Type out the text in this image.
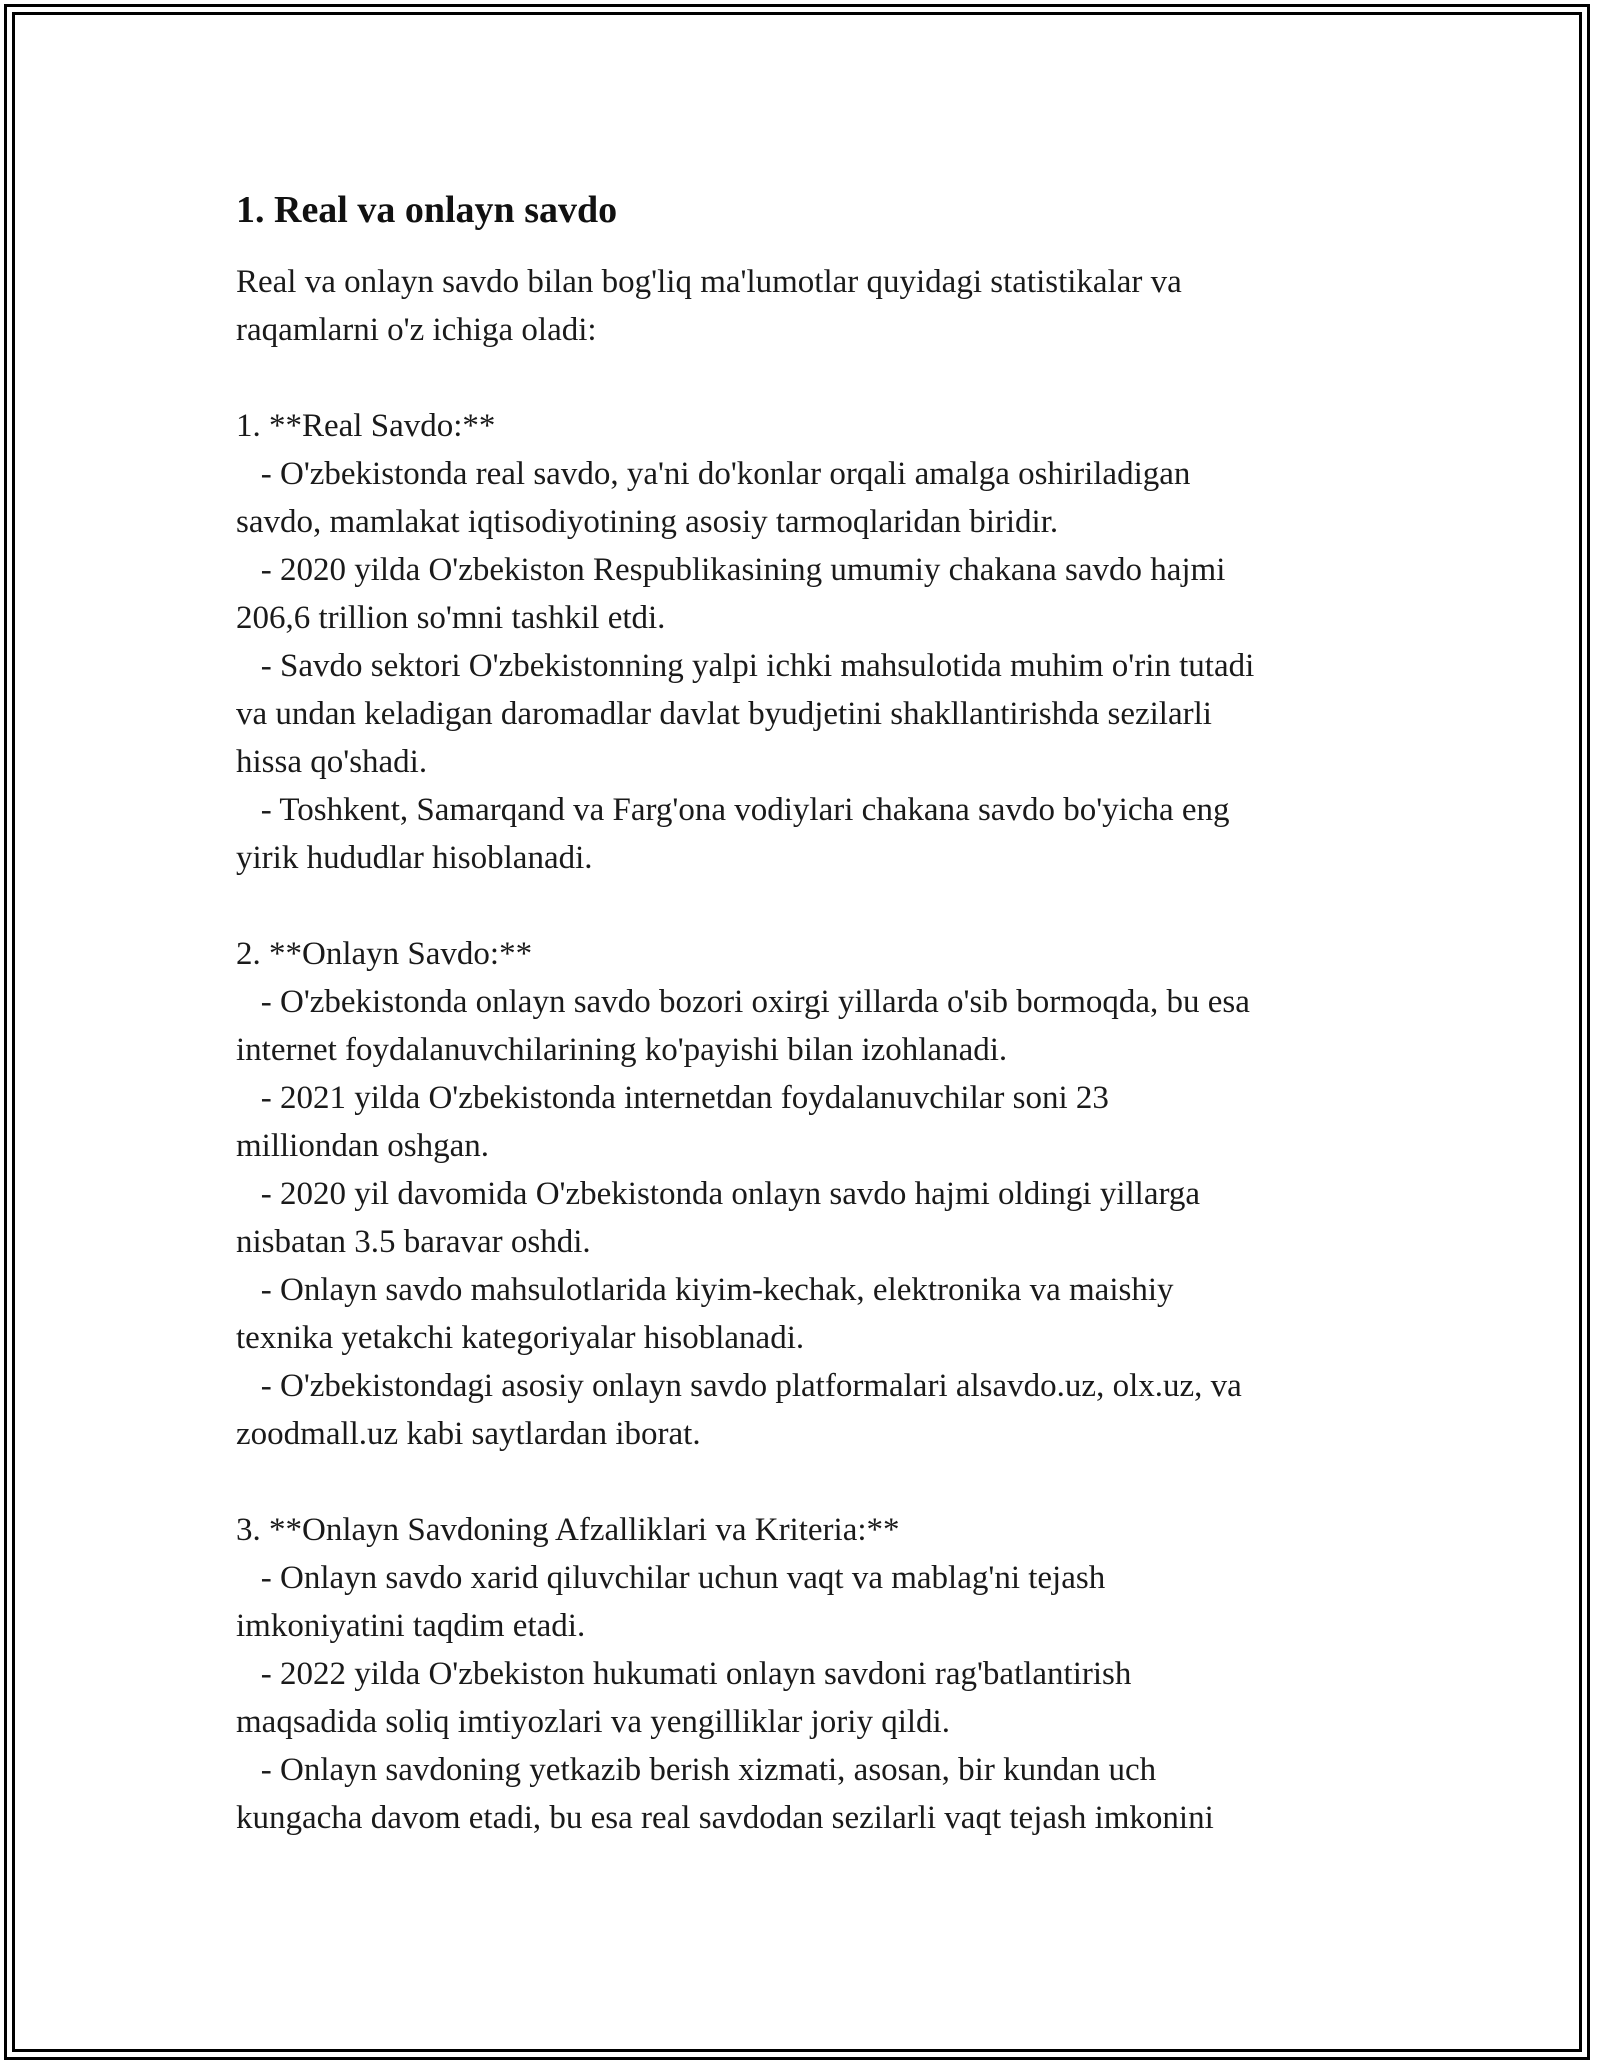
1. Real va onlayn savdo

Real va onlayn savdo bilan bog'liq ma'lumotlar quyidagi statistikalar va
raqamlarni o'z ichiga oladi:

1. **Real Savdo:**

- O'zbekistonda real savdo, ya'ni do'konlar orqali amalga oshiriladigan
savdo, mamlakat iqtisodiyotining asosiy tarmoqlaridan biridir.

- 2020 yilda O'zbekiston Respublikasining umumiy chakana savdo hajmi
206,6 trillion so'mni tashkil etdi.

- Savdo sektori O'zbekistonning yalpi ichki mahsulotida muhim o'rin tutadi
va undan keladigan daromadlar davlat byudjetini shakllantirishda sezilarli
hissa qo'shadi.

- Toshkent, Samarqand va Farg'ona vodiylari chakana savdo bo'yicha eng
yirik hududlar hisoblanadi.

2. **Onlayn Savdo:**

- O'zbekistonda onlayn savdo bozori oxirgi yillarda o'sib bormoqda, bu esa
internet foydalanuvchilarining ko'payishi bilan izohlanadi.

- 2021 yilda O'zbekistonda internetdan foydalanuvchilar soni 23
milliondan oshgan.

- 2020 yil davomida O'zbekistonda onlayn savdo hajmi oldingi yillarga
nisbatan 3.5 baravar oshdi.

- Onlayn savdo mahsulotlarida kiyim-kechak, elektronika va maishiy
texnika yetakchi kategoriyalar hisoblanadi.

- O'zbekistondagi asosiy onlayn savdo platformalari alsavdo.uz, olx.uz, va
zoodmall.uz kabi saytlardan iborat.

3. **Onlayn Savdoning Afzalliklari va Kriteria:**

- Onlayn savdo xarid qiluvchilar uchun vaqt va mablag'ni tejash
imkoniyatini taqdim etadi.

- 2022 yilda O'zbekiston hukumati onlayn savdoni rag'batlantirish
maqsadida soliq imtiyozlari va yengilliklar joriy qildi.

- Onlayn savdoning yetkazib berish xizmati, asosan, bir kundan uch
kungacha davom etadi, bu esa real savdodan sezilarli vaqt tejash imkonini
